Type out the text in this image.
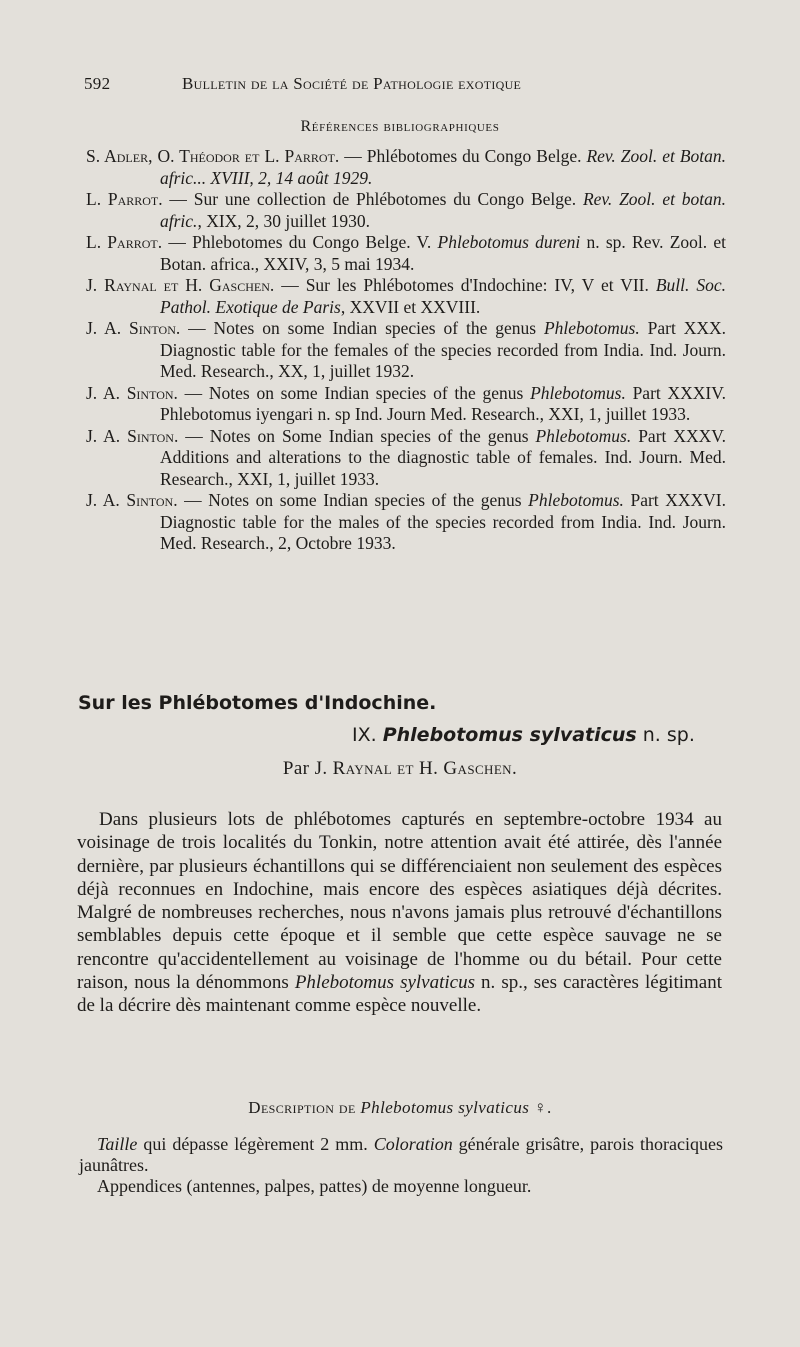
592	Bulletin de la Société de Pathologie exotique
Références bibliographiques
S. Adler, O. Théodor et L. Parrot. — Phlébotomes du Congo Belge. Rev. Zool. et Botan. afric... XVIII, 2, 14 août 1929.
L. Parrot. — Sur une collection de Phlébotomes du Congo Belge. Rev. Zool. et botan. afric., XIX, 2, 30 juillet 1930.
L. Parrot. — Phlebotomes du Congo Belge. V. Phlebotomus dureni n. sp. Rev. Zool. et Botan. africa., XXIV, 3, 5 mai 1934.
J. Raynal et H. Gaschen. — Sur les Phlébotomes d'Indochine: IV, V et VII. Bull. Soc. Pathol. Exotique de Paris, XXVII et XXVIII.
J. A. Sinton. — Notes on some Indian species of the genus Phlebotomus. Part XXX. Diagnostic table for the females of the species recorded from India. Ind. Journ. Med. Research., XX, 1, juillet 1932.
J. A. Sinton. — Notes on some Indian species of the genus Phlebotomus. Part XXXIV. Phlebotomus iyengari n. sp Ind. Journ Med. Research., XXI, 1, juillet 1933.
J. A. Sinton. — Notes on Some Indian species of the genus Phlebotomus. Part XXXV. Additions and alterations to the diagnostic table of females. Ind. Journ. Med. Research., XXI, 1, juillet 1933.
J. A. Sinton. — Notes on some Indian species of the genus Phlebotomus. Part XXXVI. Diagnostic table for the males of the species recorded from India. Ind. Journ. Med. Research., 2, Octobre 1933.
Sur les Phlébotomes d'Indochine.
IX. Phlebotomus sylvaticus n. sp.
Par J. Raynal et H. Gaschen.

Dans plusieurs lots de phlébotomes capturés en septembre-octobre 1934 au voisinage de trois localités du Tonkin, notre attention avait été attirée, dès l'année dernière, par plusieurs échantillons qui se différenciaient non seulement des espèces déjà reconnues en Indochine, mais encore des espèces asiatiques déjà décrites. Malgré de nombreuses recherches, nous n'avons jamais plus retrouvé d'échantillons semblables depuis cette époque et il semble que cette espèce sauvage ne se rencontre qu'accidentellement au voisinage de l'homme ou du bétail. Pour cette raison, nous la dénommons Phlebotomus sylvaticus n. sp., ses caractères légitimant de la décrire dès maintenant comme espèce nouvelle.

Description de Phlebotomus sylvaticus ♀.

Taille qui dépasse légèrement 2 mm. Coloration générale grisâtre, parois thoraciques jaunâtres.
Appendices (antennes, palpes, pattes) de moyenne longueur.
